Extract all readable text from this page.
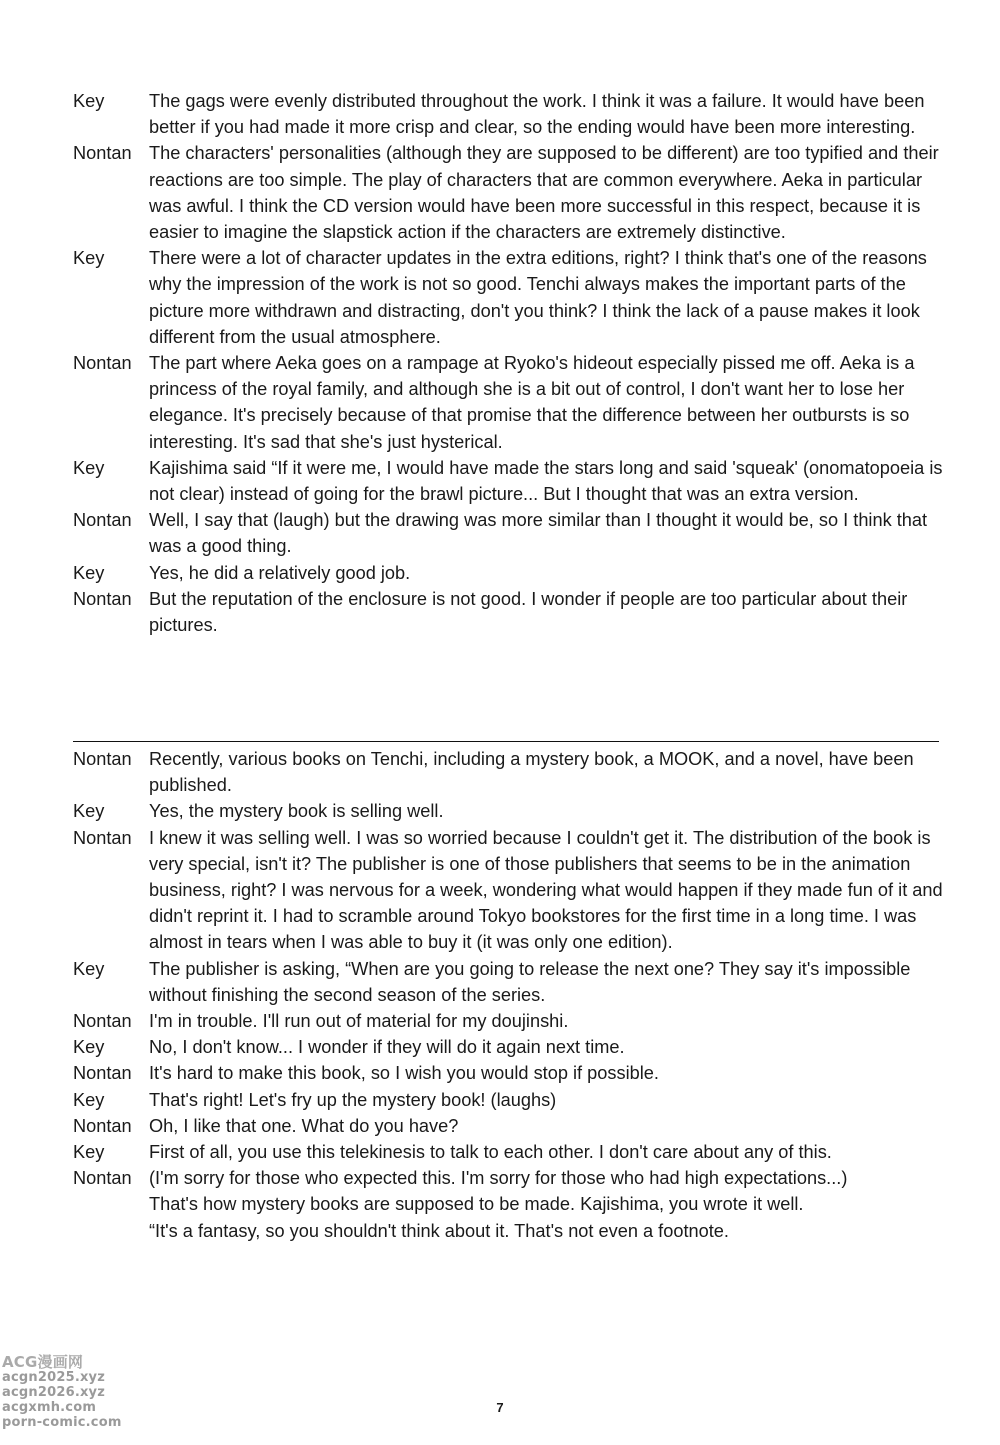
Key	The gags were evenly distributed throughout the work. I think it was a failure. It would have been better if you had made it more crisp and clear, so the ending would have been more interesting.
Nontan The characters' personalities (although they are supposed to be different) are too typified and their reactions are too simple. The play of characters that are common everywhere. Aeka in particular was awful. I think the CD version would have been more successful in this respect, because it is easier to imagine the slapstick action if the characters are extremely distinctive.
Key	There were a lot of character updates in the extra editions, right? I think that's one of the reasons why the impression of the work is not so good. Tenchi always makes the important parts of the picture more withdrawn and distracting, don't you think? I think the lack of a pause makes it look different from the usual atmosphere.
Nontan The part where Aeka goes on a rampage at Ryoko's hideout especially pissed me off. Aeka is a princess of the royal family, and although she is a bit out of control, I don't want her to lose her elegance. It's precisely because of that promise that the difference between her outbursts is so interesting. It's sad that she's just hysterical.
Key	Kajishima said “If it were me, I would have made the stars long and said 'squeak' (onomatopoeia is not clear) instead of going for the brawl picture... But I thought that was an extra version.
Nontan Well, I say that (laugh) but the drawing was more similar than I thought it would be, so I think that was a good thing.
Key	Yes, he did a relatively good job.
Nontan But the reputation of the enclosure is not good. I wonder if people are too particular about their pictures.
Nontan Recently, various books on Tenchi, including a mystery book, a MOOK, and a novel, have been published.
Key	Yes, the mystery book is selling well.
Nontan I knew it was selling well. I was so worried because I couldn't get it. The distribution of the book is very special, isn't it? The publisher is one of those publishers that seems to be in the animation business, right? I was nervous for a week, wondering what would happen if they made fun of it and didn't reprint it. I had to scramble around Tokyo bookstores for the first time in a long time. I was almost in tears when I was able to buy it (it was only one edition).
Key	The publisher is asking, “When are you going to release the next one? They say it's impossible without finishing the second season of the series.
Nontan I'm in trouble. I'll run out of material for my doujinshi.
Key	No, I don't know... I wonder if they will do it again next time.
Nontan It's hard to make this book, so I wish you would stop if possible.
Key	That's right! Let's fry up the mystery book! (laughs)
Nontan Oh, I like that one. What do you have?
Key	First of all, you use this telekinesis to talk to each other. I don't care about any of this.
Nontan (I'm sorry for those who expected this. I'm sorry for those who had high expectations...)
That's how mystery books are supposed to be made. Kajishima, you wrote it well.
“It's a fantasy, so you shouldn't think about it. That's not even a footnote.
7
ACG漫画网
acgn2025.xyz
acgn2026.xyz
acgxmh.com
porn-comic.com
